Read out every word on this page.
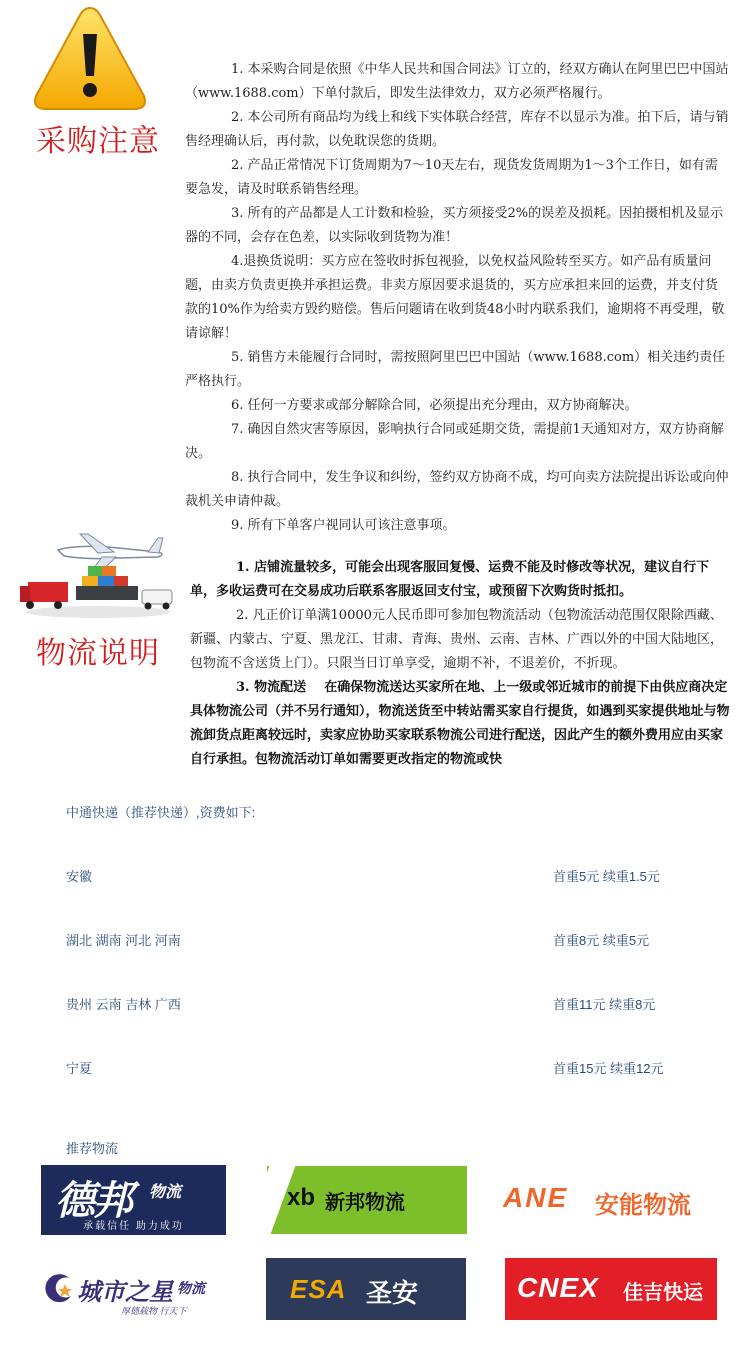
采购注意
物流说明
1. 本采购合同是依照《中华人民共和国合同法》订立的，经双方确认在阿里巴巴中国站（www.1688.com）下单付款后，即发生法律效力，双方必须严格履行。
2. 本公司所有商品均为线上和线下实体联合经营，库存不以显示为准。拍下后，请与销售经理确认后，再付款，以免耽误您的货期。
2. 产品正常情况下订货周期为7～10天左右，现货发货周期为1～3个工作日，如有需要急发，请及时联系销售经理。
3. 所有的产品都是人工计数和检验，买方须接受2%的误差及损耗。因拍摄相机及显示器的不同，会存在色差，以实际收到货物为准！
4.退换货说明：买方应在签收时拆包视验，以免权益风险转至买方。如产品有质量问题，由卖方负责更换并承担运费。非卖方原因要求退货的，买方应承担来回的运费，并支付货款的10%作为给卖方毁约赔偿。售后问题请在收到货48小时内联系我们，逾期将不再受理，敬请谅解！
5. 销售方未能履行合同时，需按照阿里巴巴中国站（www.1688.com）相关违约责任严格执行。
6. 任何一方要求或部分解除合同，必须提出充分理由，双方协商解决。
7. 确因自然灾害等原因，影响执行合同或延期交货，需提前1天通知对方，双方协商解决。
8. 执行合同中，发生争议和纠纷，签约双方协商不成，均可向卖方法院提出诉讼或向仲裁机关申请仲裁。
9. 所有下单客户视同认可该注意事项。
1. 店铺流量较多，可能会出现客服回复慢、运费不能及时修改等状况，建议自行下单，多收运费可在交易成功后联系客服返回支付宝，或预留下次购货时抵扣。
2. 凡正价订单满10000元人民币即可参加包物流活动（包物流活动范围仅限除西藏、新疆、内蒙古、宁夏、黑龙江、甘肃、青海、贵州、云南、吉林、广西以外的中国大陆地区，包物流不含送货上门）。只限当日订单享受，逾期不补，不退差价，不折现。
3. 物流配送 在确保物流送达买家所在地、上一级或邻近城市的前提下由供应商决定具体物流公司（并不另行通知），物流送货至中转站需买家自行提货，如遇到买家提供地址与物流卸货点距离较远时，卖家应协助买家联系物流公司进行配送，因此产生的额外费用应由买家自行承担。包物流活动订单如需要更改指定的物流或快
中通快递（推荐快递）,资费如下:
安徽	首重5元 续重1.5元
湖北 湖南 河北 河南	首重8元 续重5元
贵州 云南 吉林 广西	首重11元 续重8元
宁夏	首重15元 续重12元
推荐物流
德邦 物流
承载信任 助力成功
xb 新邦物流	ANE 安能物流
城市之星 物流
厚德载物 行天下
ESA 圣安	CNEX 佳吉快运
